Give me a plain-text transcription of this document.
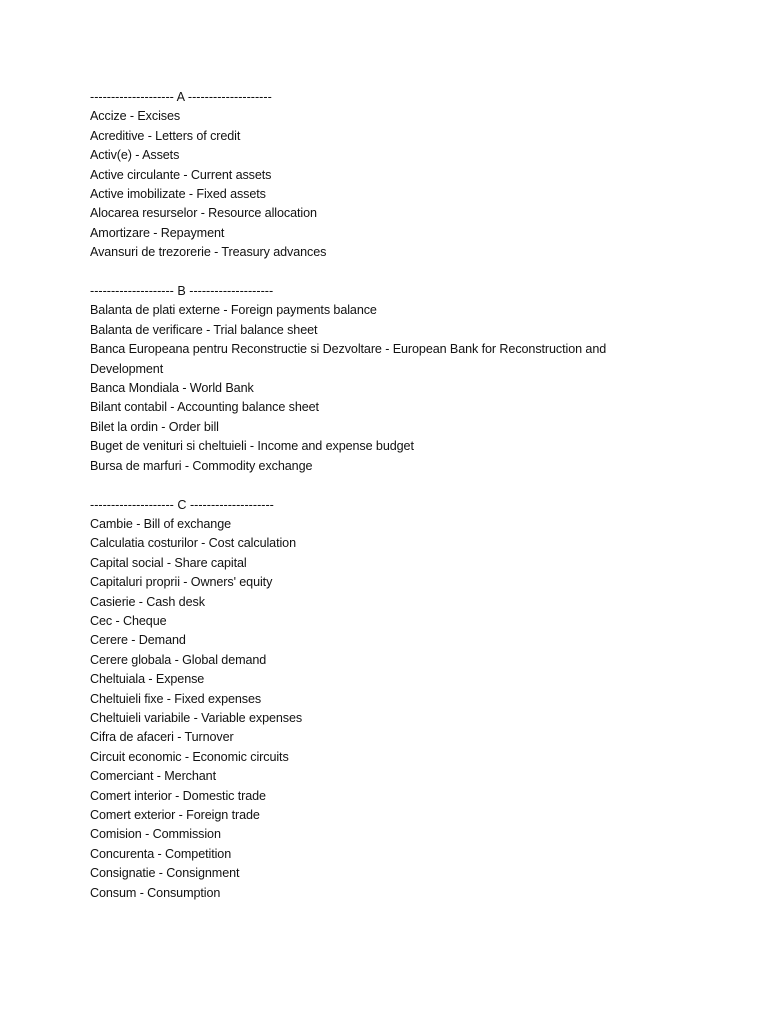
-------------------- A --------------------
Accize - Excises
Acreditive - Letters of credit
Activ(e) - Assets
Active circulante - Current assets
Active imobilizate - Fixed assets
Alocarea resurselor - Resource allocation
Amortizare - Repayment
Avansuri de trezorerie - Treasury advances
-------------------- B --------------------
Balanta de plati externe - Foreign payments balance
Balanta de verificare - Trial balance sheet
Banca Europeana pentru Reconstructie si Dezvoltare - European Bank for Reconstruction and Development
Banca Mondiala - World Bank
Bilant contabil - Accounting balance sheet
Bilet la ordin - Order bill
Buget de venituri si cheltuieli - Income and expense budget
Bursa de marfuri - Commodity exchange
-------------------- C --------------------
Cambie - Bill of exchange
Calculatia costurilor - Cost calculation
Capital social - Share capital
Capitaluri proprii - Owners' equity
Casierie - Cash desk
Cec - Cheque
Cerere - Demand
Cerere globala - Global demand
Cheltuiala - Expense
Cheltuieli fixe - Fixed expenses
Cheltuieli variabile - Variable expenses
Cifra de afaceri - Turnover
Circuit economic - Economic circuits
Comerciant - Merchant
Comert interior - Domestic trade
Comert exterior - Foreign trade
Comision - Commission
Concurenta - Competition
Consignatie - Consignment
Consum - Consumption
